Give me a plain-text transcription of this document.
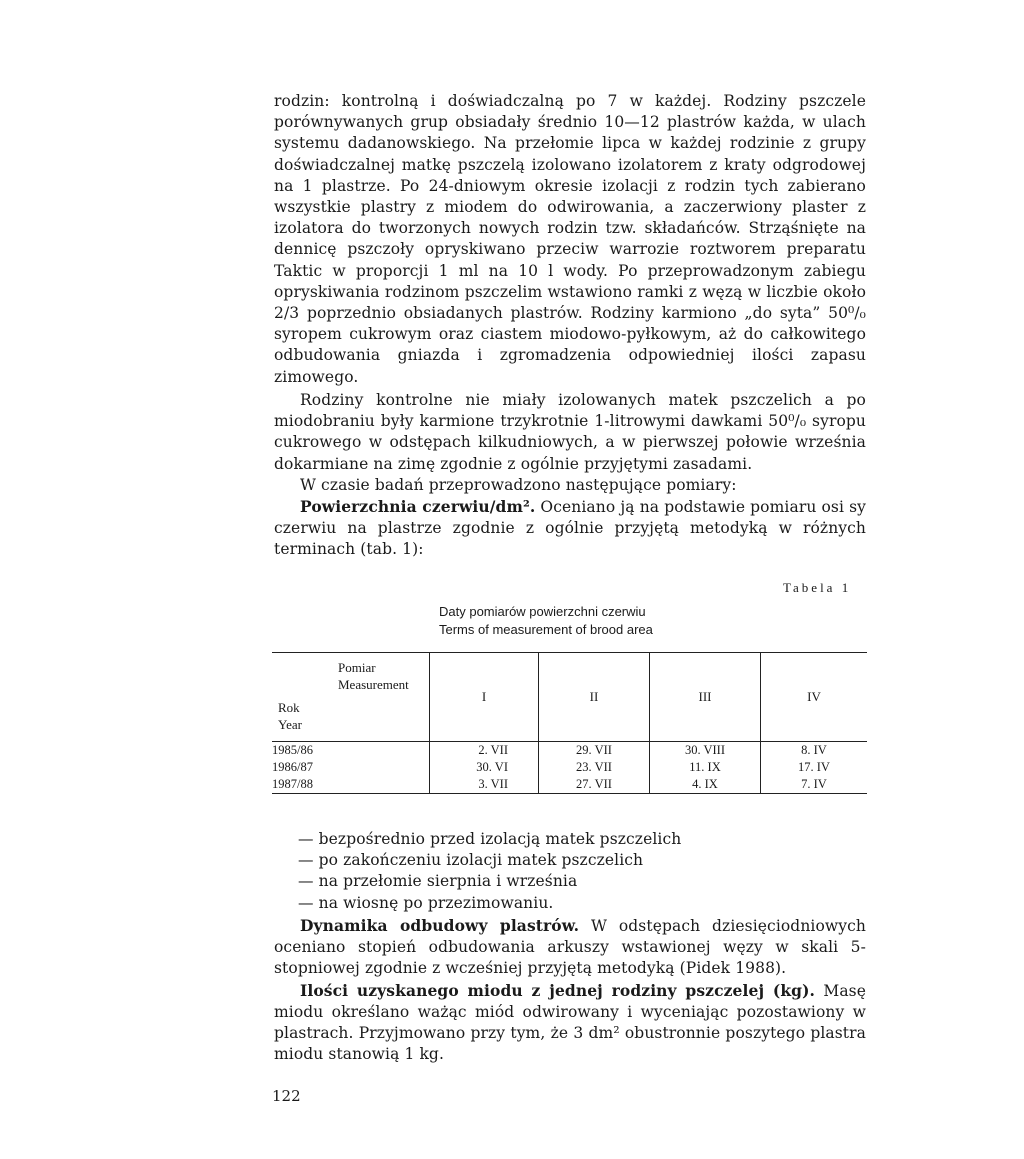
rodzin: kontrolną i doświadczalną po 7 w każdej. Rodziny pszczele porównywanych grup obsiadały średnio 10—12 plastrów każda, w ulach systemu dadanowskiego. Na przełomie lipca w każdej rodzinie z grupy doświadczalnej matkę pszczelą izolowano izolatorem z kraty odgrodowej na 1 plastrze. Po 24-dniowym okresie izolacji z rodzin tych zabierano wszystkie plastry z miodem do odwirowania, a zaczerwiony plaster z izolatora do tworzonych nowych rodzin tzw. składańców. Strząśnięte na dennicę pszczoły opryskiwano przeciw warrozie roztworem preparatu Taktic w proporcji 1 ml na 10 l wody. Po przeprowadzonym zabiegu opryskiwania rodzinom pszczelim wstawiono ramki z węzą w liczbie około 2/3 poprzednio obsiadanych plastrów. Rodziny karmiono „do syta” 50⁰/₀ syropem cukrowym oraz ciastem miodowo-pyłkowym, aż do całkowitego odbudowania gniazda i zgromadzenia odpowiedniej ilości zapasu zimowego.

Rodziny kontrolne nie miały izolowanych matek pszczelich a po miodobraniu były karmione trzykrotnie 1-litrowymi dawkami 50⁰/₀ syropu cukrowego w odstępach kilkudniowych, a w pierwszej połowie września dokarmiane na zimę zgodnie z ogólnie przyjętymi zasadami.

W czasie badań przeprowadzono następujące pomiary:

Powierzchnia czerwiu/dm². Oceniano ją na podstawie pomiaru osi sy czerwiu na plastrze zgodnie z ogólnie przyjętą metodyką w różnych terminach (tab. 1):

Tabela 1
Daty pomiarów powierzchni czerwiu
Terms of measurement of brood area
Pomiar
Measurement
Rok
Year	I	II	III	IV
1985/86	2. VII	29. VII	30. VIII	8. IV
1986/87	30. VI	23. VII	11. IX	17. IV
1987/88	3. VII	27. VII	4. IX	7. IV

— bezpośrednio przed izolacją matek pszczelich

— po zakończeniu izolacji matek pszczelich

— na przełomie sierpnia i września

— na wiosnę po przezimowaniu.

Dynamika odbudowy plastrów. W odstępach dziesięciodniowych oceniano stopień odbudowania arkuszy wstawionej węzy w skali 5-stopniowej zgodnie z wcześniej przyjętą metodyką (Pidek 1988).

Ilości uzyskanego miodu z jednej rodziny pszczelej (kg). Masę miodu określano ważąc miód odwirowany i wyceniając pozostawiony w plastrach. Przyjmowano przy tym, że 3 dm² obustronnie poszytego plastra miodu stanowią 1 kg.

122
